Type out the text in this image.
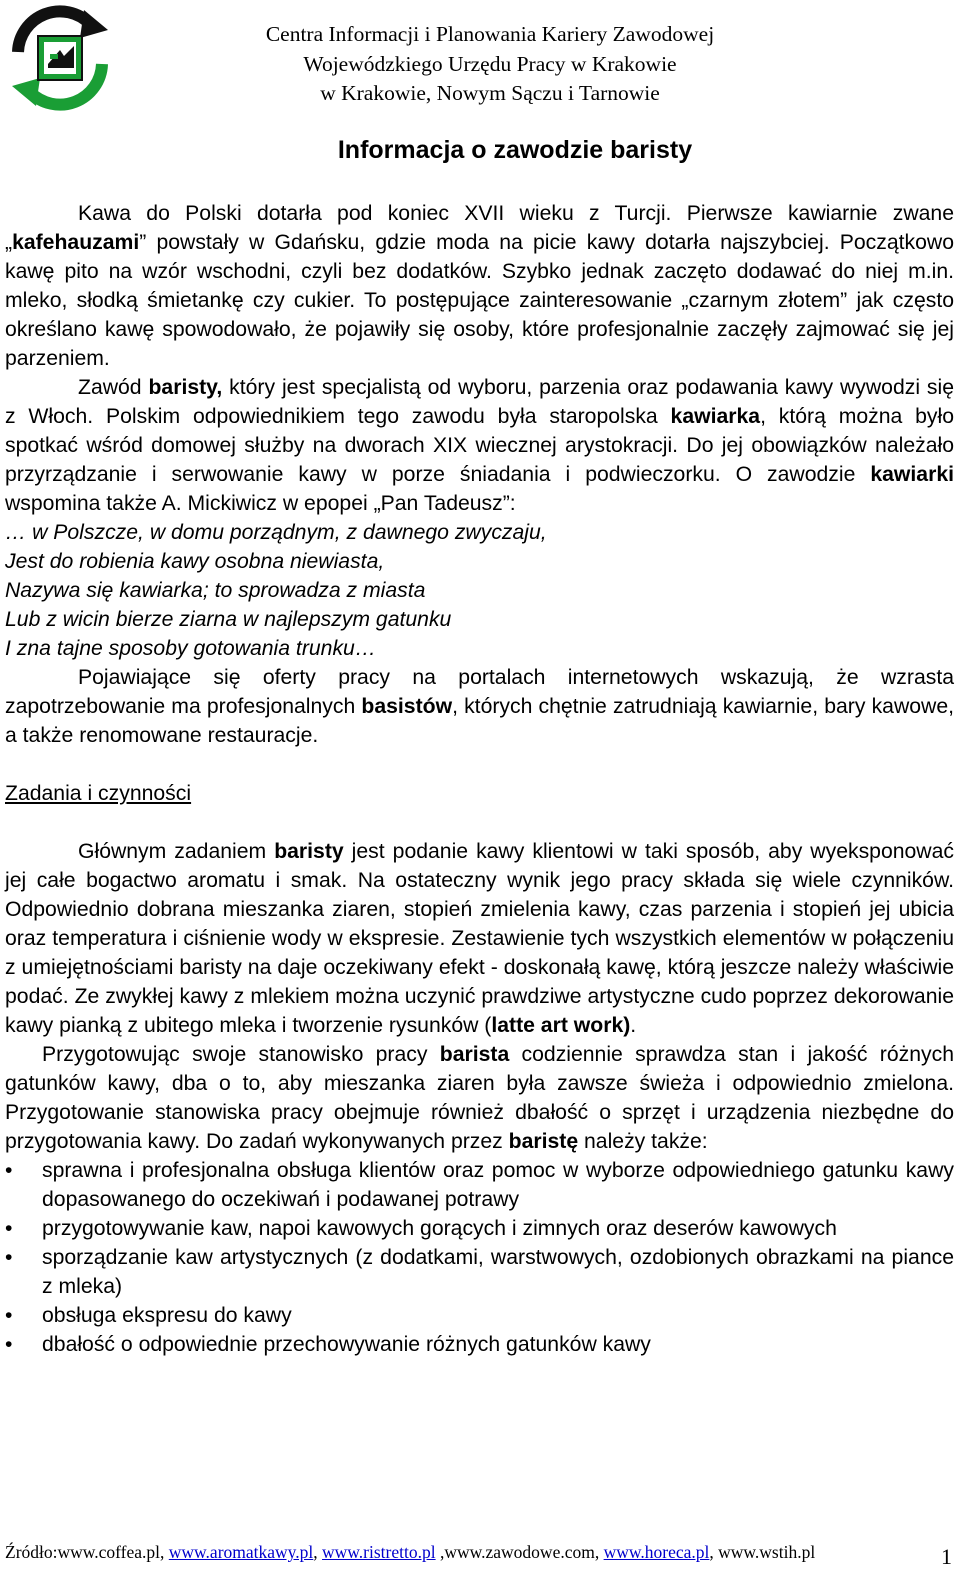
Centra Informacji i Planowania Kariery Zawodowej
Wojewódzkiego Urzędu Pracy w Krakowie
w Krakowie, Nowym Sączu i Tarnowie
Informacja o zawodzie baristy

Kawa do Polski dotarła pod koniec XVII wieku z Turcji. Pierwsze kawiarnie zwane „kafehauzami” powstały w Gdańsku, gdzie moda na picie kawy dotarła najszybciej. Początkowo kawę pito na wzór wschodni, czyli bez dodatków. Szybko jednak zaczęto dodawać do niej m.in. mleko, słodką śmietankę czy cukier. To postępujące zainteresowanie „czarnym złotem” jak często określano kawę spowodowało, że pojawiły się osoby, które profesjonalnie zaczęły zajmować się jej parzeniem.

Zawód baristy, który jest specjalistą od wyboru, parzenia oraz podawania kawy wywodzi się z Włoch. Polskim odpowiednikiem tego zawodu była staropolska kawiarka, którą można było spotkać wśród domowej służby na dworach XIX wiecznej arystokracji. Do jej obowiązków należało przyrządzanie i serwowanie kawy w porze śniadania i podwieczorku. O zawodzie kawiarki wspomina także A. Mickiwicz w epopei „Pan Tadeusz”:

… w Polszcze, w domu porządnym, z dawnego zwyczaju,
Jest do robienia kawy osobna niewiasta,
Nazywa się kawiarka; to sprowadza z miasta
Lub z wicin bierze ziarna w najlepszym gatunku
I zna tajne sposoby gotowania trunku…

Pojawiające się oferty pracy na portalach internetowych wskazują, że wzrasta zapotrzebowanie ma profesjonalnych basistów, których chętnie zatrudniają kawiarnie, bary kawowe, a także renomowane restauracje.

Zadania i czynności

Głównym zadaniem baristy jest podanie kawy klientowi w taki sposób, aby wyeksponować jej całe bogactwo aromatu i smak. Na ostateczny wynik jego pracy składa się wiele czynników. Odpowiednio dobrana mieszanka ziaren, stopień zmielenia kawy, czas parzenia i stopień jej ubicia oraz temperatura i ciśnienie wody w ekspresie. Zestawienie tych wszystkich elementów w połączeniu z umiejętnościami baristy na daje oczekiwany efekt - doskonałą kawę, którą jeszcze należy właściwie podać. Ze zwykłej kawy z mlekiem można uczynić prawdziwe artystyczne cudo poprzez dekorowanie kawy pianką z ubitego mleka i tworzenie rysunków (latte art work).

Przygotowując swoje stanowisko pracy barista codziennie sprawdza stan i jakość różnych gatunków kawy, dba o to, aby mieszanka ziaren była zawsze świeża i odpowiednio zmielona. Przygotowanie stanowiska pracy obejmuje również dbałość o sprzęt i urządzenia niezbędne do przygotowania kawy. Do zadań wykonywanych przez baristę należy także:

• sprawna i profesjonalna obsługa klientów oraz pomoc w wyborze odpowiedniego gatunku kawy dopasowanego do oczekiwań i podawanej potrawy
• przygotowywanie kaw, napoi kawowych gorących i zimnych oraz deserów kawowych
• sporządzanie kaw artystycznych (z dodatkami, warstwowych, ozdobionych obrazkami na piance z mleka)
• obsługa ekspresu do kawy
• dbałość o odpowiednie przechowywanie różnych gatunków kawy
Źródło:www.coffea.pl, www.aromatkawy.pl, www.ristretto.pl ,www.zawodowe.com, www.horeca.pl, www.wstih.pl	1
